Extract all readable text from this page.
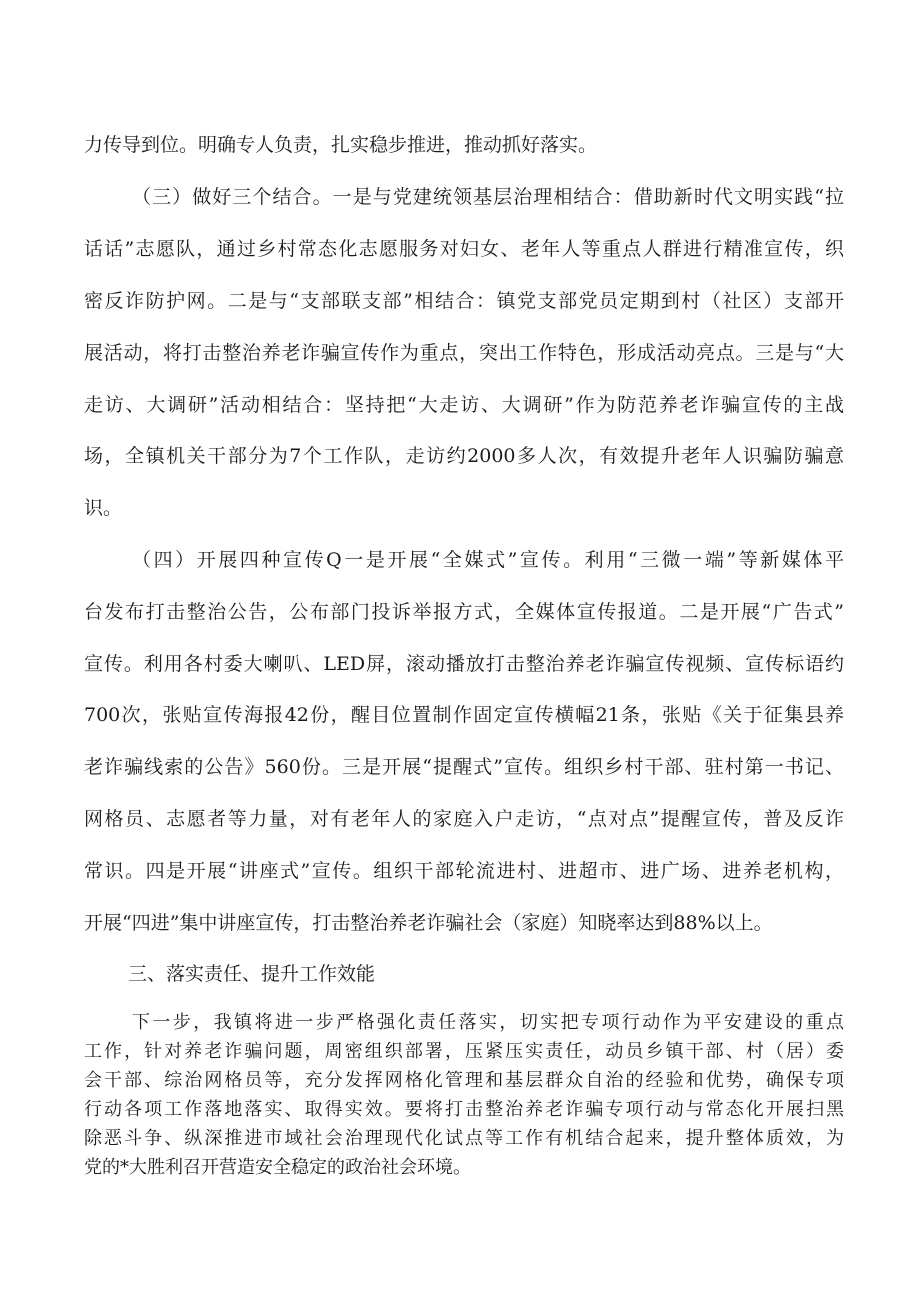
力传导到位。明确专人负责，扎实稳步推进，推动抓好落实。
（三）做好三个结合。一是与党建统领基层治理相结合：借助新时代文明实践“拉
话话”志愿队，通过乡村常态化志愿服务对妇女、老年人等重点人群进行精准宣传，织
密反诈防护网。二是与“支部联支部”相结合：镇党支部党员定期到村（社区）支部开
展活动，将打击整治养老诈骗宣传作为重点，突出工作特色，形成活动亮点。三是与“大
走访、大调研”活动相结合：坚持把“大走访、大调研”作为防范养老诈骗宣传的主战
场，全镇机关干部分为7个工作队，走访约2000多人次，有效提升老年人识骗防骗意
识。
（四）开展四种宣传Q一是开展“全媒式”宣传。利用“三微一端”等新媒体平
台发布打击整治公告，公布部门投诉举报方式，全媒体宣传报道。二是开展“广告式”
宣传。利用各村委大喇叭、LED屏，滚动播放打击整治养老诈骗宣传视频、宣传标语约
700次，张贴宣传海报42份，醒目位置制作固定宣传横幅21条，张贴《关于征集县养
老诈骗线索的公告》560份。三是开展“提醒式”宣传。组织乡村干部、驻村第一书记、
网格员、志愿者等力量，对有老年人的家庭入户走访，“点对点”提醒宣传，普及反诈
常识。四是开展“讲座式”宣传。组织干部轮流进村、进超市、进广场、进养老机构，
开展“四进”集中讲座宣传，打击整治养老诈骗社会（家庭）知晓率达到88%以上。
三、落实责任、提升工作效能
下一步，我镇将进一步严格强化责任落实，切实把专项行动作为平安建设的重点
工作，针对养老诈骗问题，周密组织部署，压紧压实责任，动员乡镇干部、村（居）委
会干部、综治网格员等，充分发挥网格化管理和基层群众自治的经验和优势，确保专项
行动各项工作落地落实、取得实效。要将打击整治养老诈骗专项行动与常态化开展扫黑
除恶斗争、纵深推进市域社会治理现代化试点等工作有机结合起来，提升整体质效，为
党的*大胜利召开营造安全稳定的政治社会环境。
